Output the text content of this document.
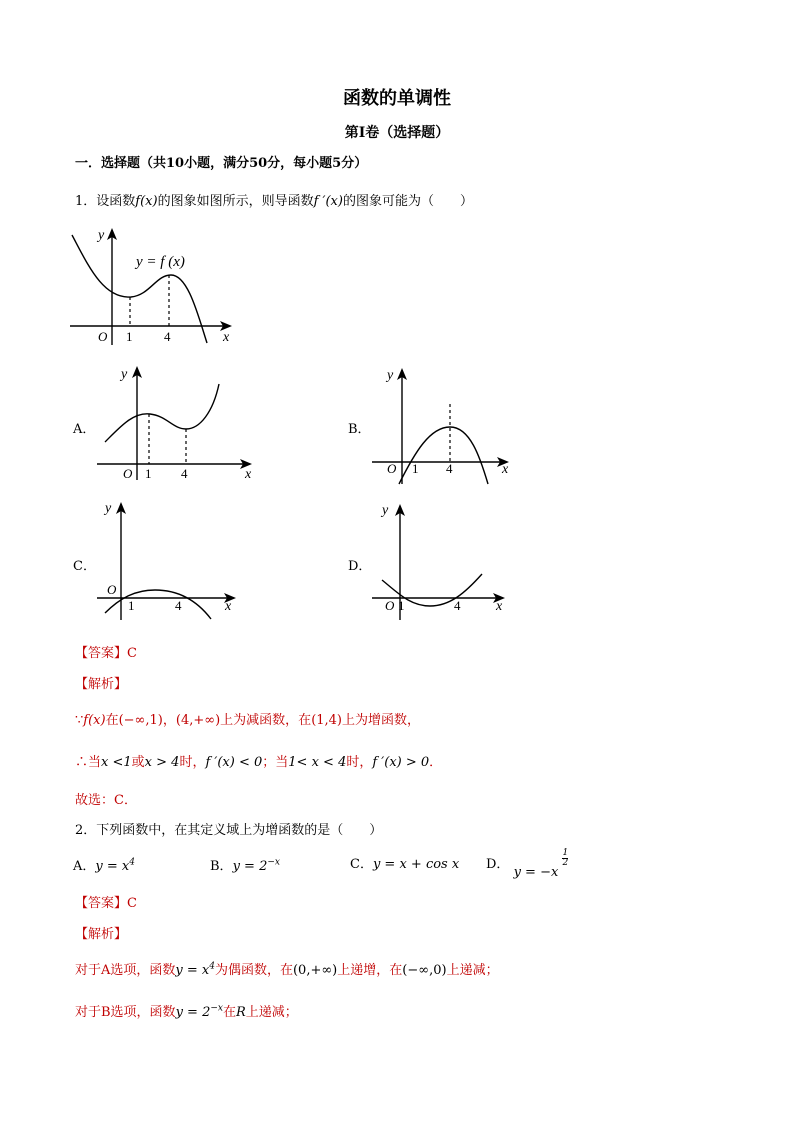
函数的单调性
第I卷（选择题）
一．选择题（共10小题，满分50分，每小题5分）
1．设函数f(x)的图象如图所示，则导函数f ′(x)的图象可能为（　　）
y
x
O 1 4
y = f (x)
A．
y
x
O 1 4
B．
y
x
O 1 4
C．
y
x
O
1	4
D．
y
x
O 1	4
【答案】C
【解析】
∵f(x)在(−∞,1)，(4,+∞)上为减函数，在(1,4)上为增函数，
∴当x <1或x > 4时，f ′(x) < 0；当1< x < 4时，f ′(x) > 0．
故选：C．
2．下列函数中，在其定义域上为增函数的是（　　）
A．$y = x^4$	B．$y = 2^{-x}$	C．y = x + cos x D． y = −x
$\frac{1}{2}$
【答案】C
【解析】
对于A选项，函数$y = x^4$为偶函数，在(0,+∞)上递增，在(−∞,0)上递减；
对于B选项，函数$y = 2^{-x}$在R上递减；
